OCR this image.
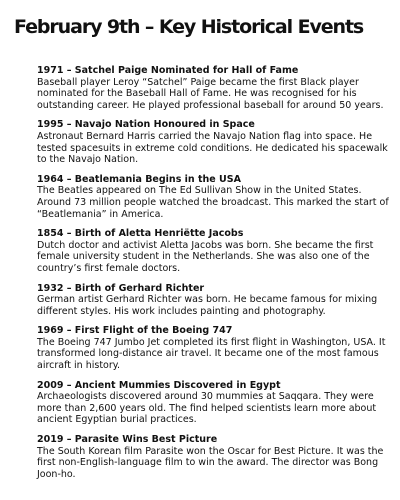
February 9th – Key Historical Events

1971 – Satchel Paige Nominated for Hall of Fame

Baseball player Leroy “Satchel” Paige became the first Black player nominated for the Baseball Hall of Fame. He was recognised for his outstanding career. He played professional baseball for around 50 years.

1995 – Navajo Nation Honoured in Space

Astronaut Bernard Harris carried the Navajo Nation flag into space. He tested spacesuits in extreme cold conditions. He dedicated his spacewalk to the Navajo Nation.

1964 – Beatlemania Begins in the USA

The Beatles appeared on The Ed Sullivan Show in the United States. Around 73 million people watched the broadcast. This marked the start of “Beatlemania” in America.

1854 – Birth of Aletta Henriëtte Jacobs

Dutch doctor and activist Aletta Jacobs was born. She became the first female university student in the Netherlands. She was also one of the country’s first female doctors.

1932 – Birth of Gerhard Richter

German artist Gerhard Richter was born. He became famous for mixing different styles. His work includes painting and photography.

1969 – First Flight of the Boeing 747

The Boeing 747 Jumbo Jet completed its first flight in Washington, USA. It transformed long-distance air travel. It became one of the most famous aircraft in history.

2009 – Ancient Mummies Discovered in Egypt

Archaeologists discovered around 30 mummies at Saqqara. They were more than 2,600 years old. The find helped scientists learn more about ancient Egyptian burial practices.

2019 – Parasite Wins Best Picture

The South Korean film Parasite won the Oscar for Best Picture. It was the first non-English-language film to win the award. The director was Bong Joon-ho.
